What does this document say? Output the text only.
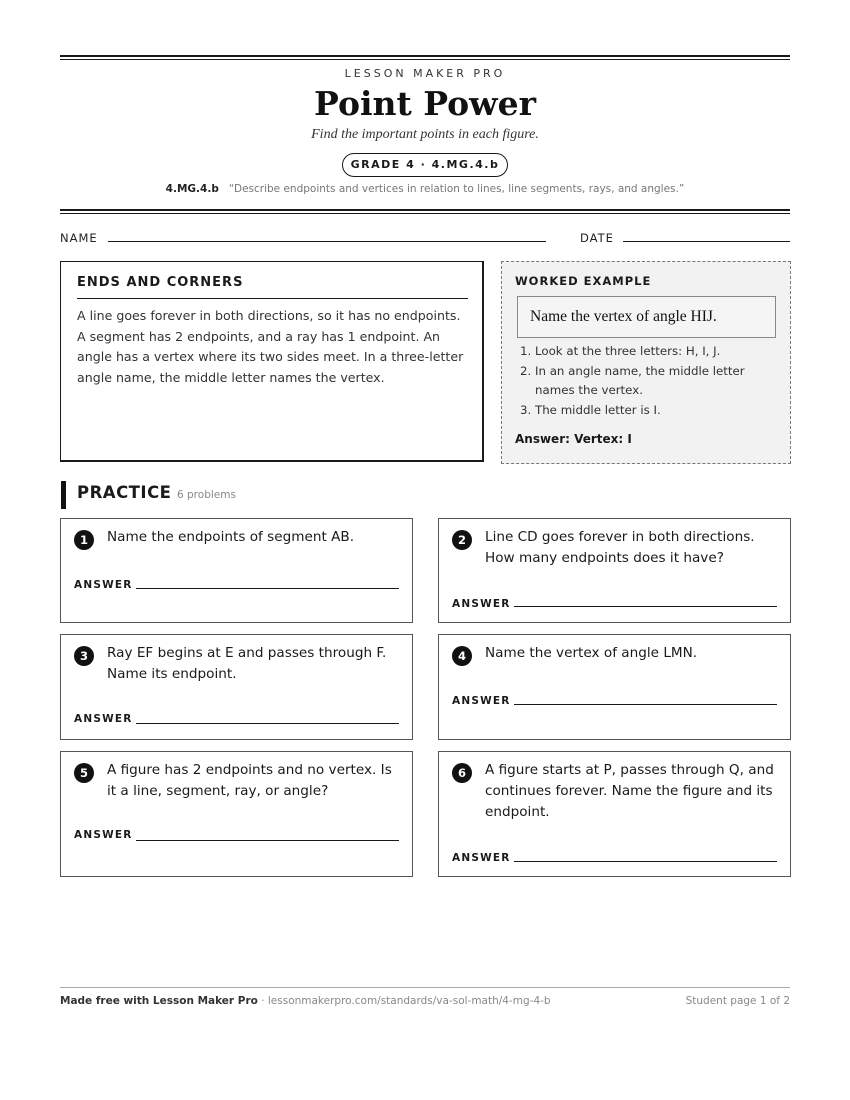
LESSON MAKER PRO
Point Power
Find the important points in each figure.
GRADE 4 · 4.MG.4.b
4.MG.4.b “Describe endpoints and vertices in relation to lines, line segments, rays, and angles.”
NAME	DATE
ENDS AND CORNERS

A line goes forever in both directions, so it has no endpoints. A segment has 2 endpoints, and a ray has 1 endpoint. An angle has a vertex where its two sides meet. In a three-letter angle name, the middle letter names the vertex.

WORKED EXAMPLE
Name the vertex of angle HIJ.
1. Look at the three letters: H, I, J.
2. In an angle name, the middle letter names the vertex.
3. The middle letter is I.
Answer: Vertex: I
PRACTICE 6 problems
1	Name the endpoints of segment AB.
ANSWER
2	Line CD goes forever in both directions. How many endpoints does it have?
ANSWER
3	Ray EF begins at E and passes through F. Name its endpoint.
ANSWER
4	Name the vertex of angle LMN.
ANSWER
5	A figure has 2 endpoints and no vertex. Is it a line, segment, ray, or angle?
ANSWER
6	A figure starts at P, passes through Q, and continues forever. Name the figure and its endpoint.
ANSWER
Made free with Lesson Maker Pro · lessonmakerpro.com/standards/va-sol-math/4-mg-4-b	Student page 1 of 2
